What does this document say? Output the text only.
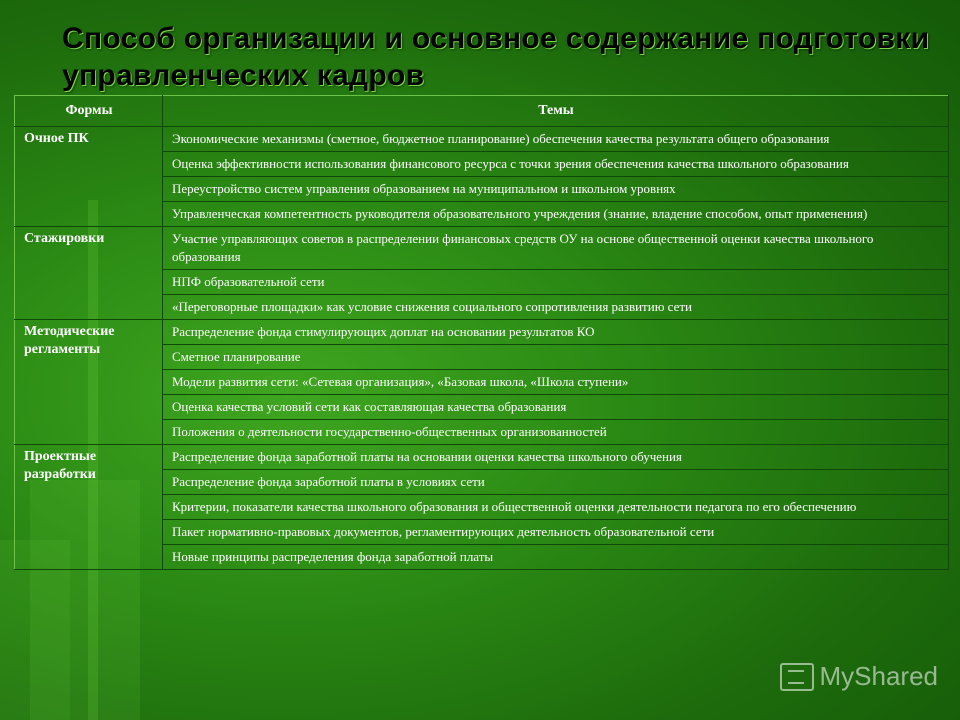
Способ организации и основное содержание подготовки управленческих кадров
Формы	Темы
Очное ПК	Экономические механизмы (сметное, бюджетное планирование) обеспечения качества результата общего образования
	Оценка эффективности использования финансового ресурса с точки зрения обеспечения качества школьного образования
	Переустройство систем управления образованием на муниципальном и школьном уровнях
	Управленческая компетентность руководителя образовательного учреждения (знание, владение способом, опыт применения)
Стажировки	Участие управляющих советов в распределении финансовых средств ОУ на основе общественной оценки качества школьного образования
	НПФ образовательной сети
	«Переговорные площадки» как условие снижения социального сопротивления развитию сети
Методические регламенты	Распределение фонда стимулирующих доплат на основании результатов КО
	Сметное планирование
	Модели развития сети: «Сетевая организация», «Базовая школа, «Школа ступени»
	Оценка качества условий сети как составляющая качества образования
	Положения о деятельности государственно-общественных организованностей
Проектные разработки	Распределение фонда заработной платы на основании оценки качества школьного обучения
	Распределение фонда заработной платы в условиях сети
	Критерии, показатели качества школьного образования и общественной оценки деятельности педагога по его обеспечению
	Пакет нормативно-правовых документов, регламентирующих деятельность образовательной сети
	Новые принципы распределения фонда заработной платы
MyShared
